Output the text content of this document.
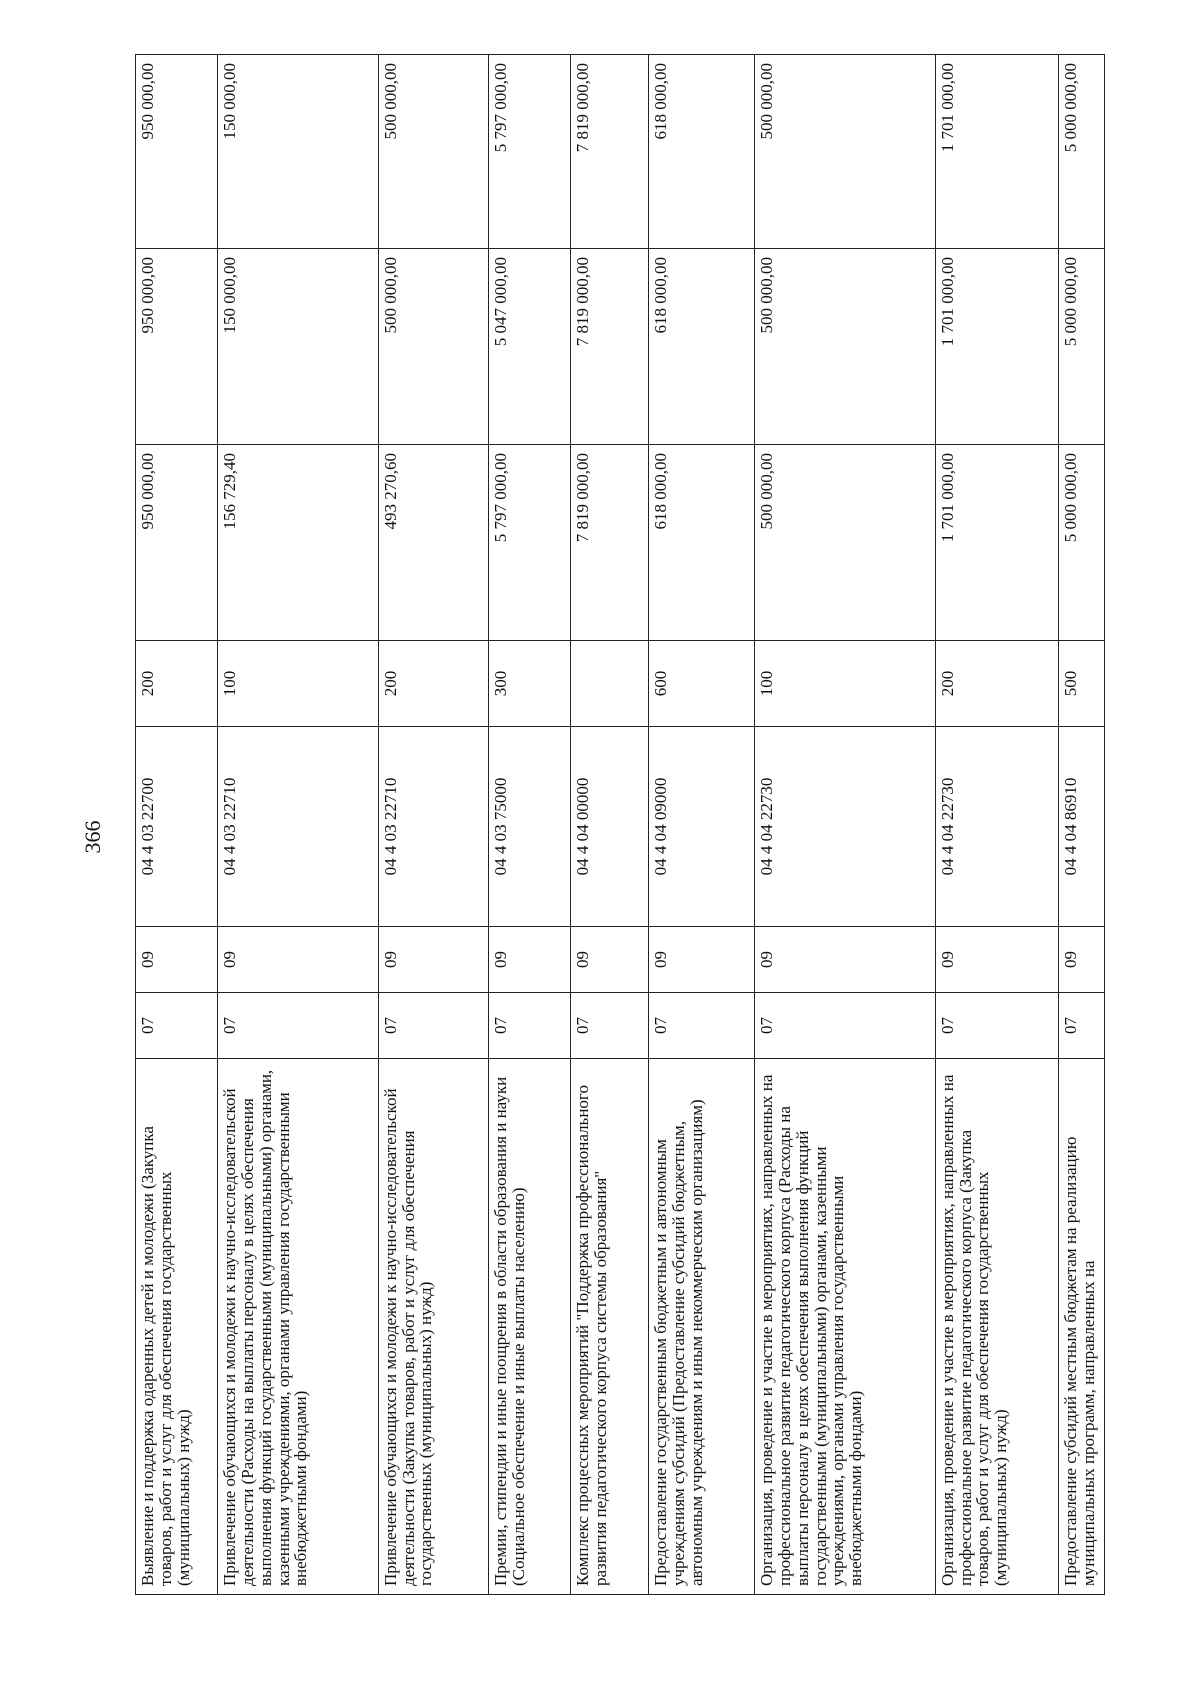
366
Выявление и поддержка одаренных детей и молодежи (Закупка товаров, работ и услуг для обеспечения государственных (муниципальных) нужд)	07	09	04 4 03 22700	200	950 000,00	950 000,00	950 000,00
Привлечение обучающихся и молодежи к научно-исследовательской деятельности (Расходы на выплаты персоналу в целях обеспечения выполнения функций государственными (муниципальными) органами, казенными учреждениями, органами управления государственными внебюджетными фондами)	07	09	04 4 03 22710	100	156 729,40	150 000,00	150 000,00
Привлечение обучающихся и молодежи к научно-исследовательской деятельности (Закупка товаров, работ и услуг для обеспечения государственных (муниципальных) нужд)	07	09	04 4 03 22710	200	493 270,60	500 000,00	500 000,00
Премии, стипендии и иные поощрения в области образования и науки (Социальное обеспечение и иные выплаты населению)	07	09	04 4 03 75000	300	5 797 000,00	5 047 000,00	5 797 000,00
Комплекс процессных мероприятий "Поддержка профессионального развития педагогического корпуса системы образования"	07	09	04 4 04 00000		7 819 000,00	7 819 000,00	7 819 000,00
Предоставление государственным бюджетным и автономным учреждениям субсидий (Предоставление субсидий бюджетным, автономным учреждениям и иным некоммерческим организациям)	07	09	04 4 04 09000	600	618 000,00	618 000,00	618 000,00
Организация, проведение и участие в мероприятиях, направленных на профессиональное развитие педагогического корпуса (Расходы на выплаты персоналу в целях обеспечения выполнения функций государственными (муниципальными) органами, казенными учреждениями, органами управления государственными внебюджетными фондами)	07	09	04 4 04 22730	100	500 000,00	500 000,00	500 000,00
Организация, проведение и участие в мероприятиях, направленных на профессиональное развитие педагогического корпуса (Закупка товаров, работ и услуг для обеспечения государственных (муниципальных) нужд)	07	09	04 4 04 22730	200	1 701 000,00	1 701 000,00	1 701 000,00
Предоставление субсидий местным бюджетам на реализацию муниципальных программ, направленных на	07	09	04 4 04 86910	500	5 000 000,00	5 000 000,00	5 000 000,00
